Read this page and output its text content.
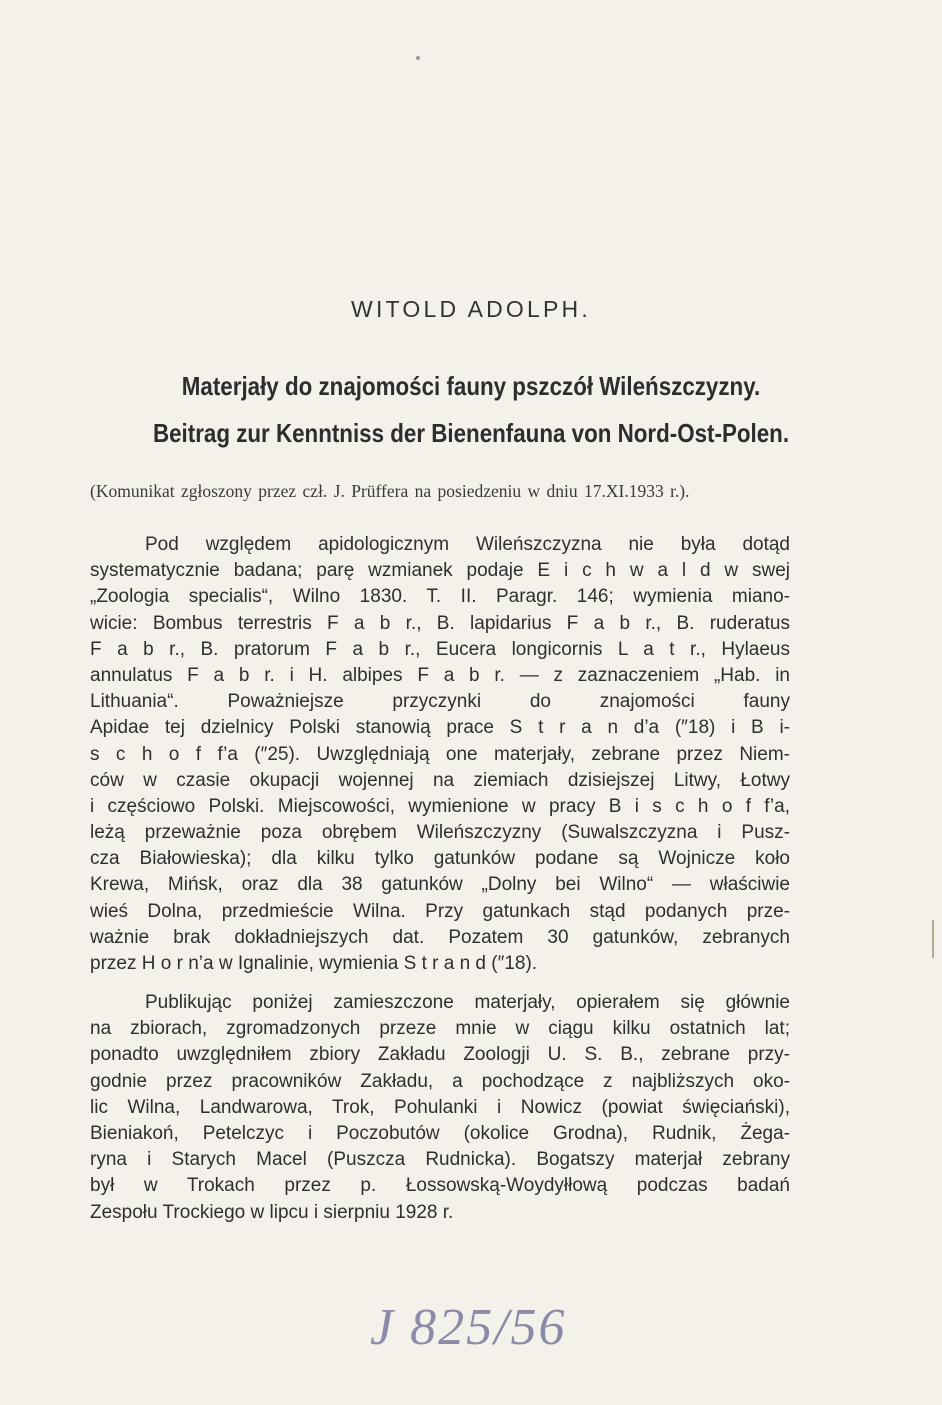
WITOLD ADOLPH.
Materjały do znajomości fauny pszczół Wileńszczyzny.
Beitrag zur Kenntniss der Bienenfauna von Nord-Ost-Polen.
(Komunikat zgłoszony przez czł. J. Prüffera na posiedzeniu w dniu 17.XI.1933 r.).
Pod względem apidologicznym Wileńszczyzna nie była dotąd
systematycznie badana; parę wzmianek podaje E i c h w a l d w swej
„Zoologia specialis“, Wilno 1830. T. II. Paragr. 146; wymienia miano-
wicie: Bombus terrestris F a b r., B. lapidarius F a b r., B. ruderatus
F a b r., B. pratorum F a b r., Eucera longicornis L a t r., Hylaeus
annulatus F a b r. i H. albipes F a b r. — z zaznaczeniem „Hab. in
Lithuania“. Poważniejsze przyczynki do znajomości fauny
Apidae tej dzielnicy Polski stanowią prace S t r a n d’a (″18) i B i-
s c h o f f’a (″25). Uwzględniają one materjały, zebrane przez Niem-
ców w czasie okupacji wojennej na ziemiach dzisiejszej Litwy, Łotwy
i częściowo Polski. Miejscowości, wymienione w pracy B i s c h o f f’a,
leżą przeważnie poza obrębem Wileńszczyzny (Suwalszczyzna i Pusz-
cza Białowieska); dla kilku tylko gatunków podane są Wojnicze koło
Krewa, Mińsk, oraz dla 38 gatunków „Dolny bei Wilno“ — właściwie
wieś Dolna, przedmieście Wilna. Przy gatunkach stąd podanych prze-
ważnie brak dokładniejszych dat. Pozatem 30 gatunków, zebranych
przez H o r n’a w Ignalinie, wymienia S t r a n d (″18).
Publikując poniżej zamieszczone materjały, opierałem się głównie
na zbiorach, zgromadzonych przeze mnie w ciągu kilku ostatnich lat;
ponadto uwzględniłem zbiory Zakładu Zoologji U. S. B., zebrane przy-
godnie przez pracowników Zakładu, a pochodzące z najbliższych oko-
lic Wilna, Landwarowa, Trok, Pohulanki i Nowicz (powiat święciański),
Bieniakoń, Petelczyc i Poczobutów (okolice Grodna), Rudnik, Żega-
ryna i Starych Macel (Puszcza Rudnicka). Bogatszy materjał zebrany
był w Trokach przez p. Łossowską-Woydyłłową podczas badań
Zespołu Trockiego w lipcu i sierpniu 1928 r.
J 825/56
